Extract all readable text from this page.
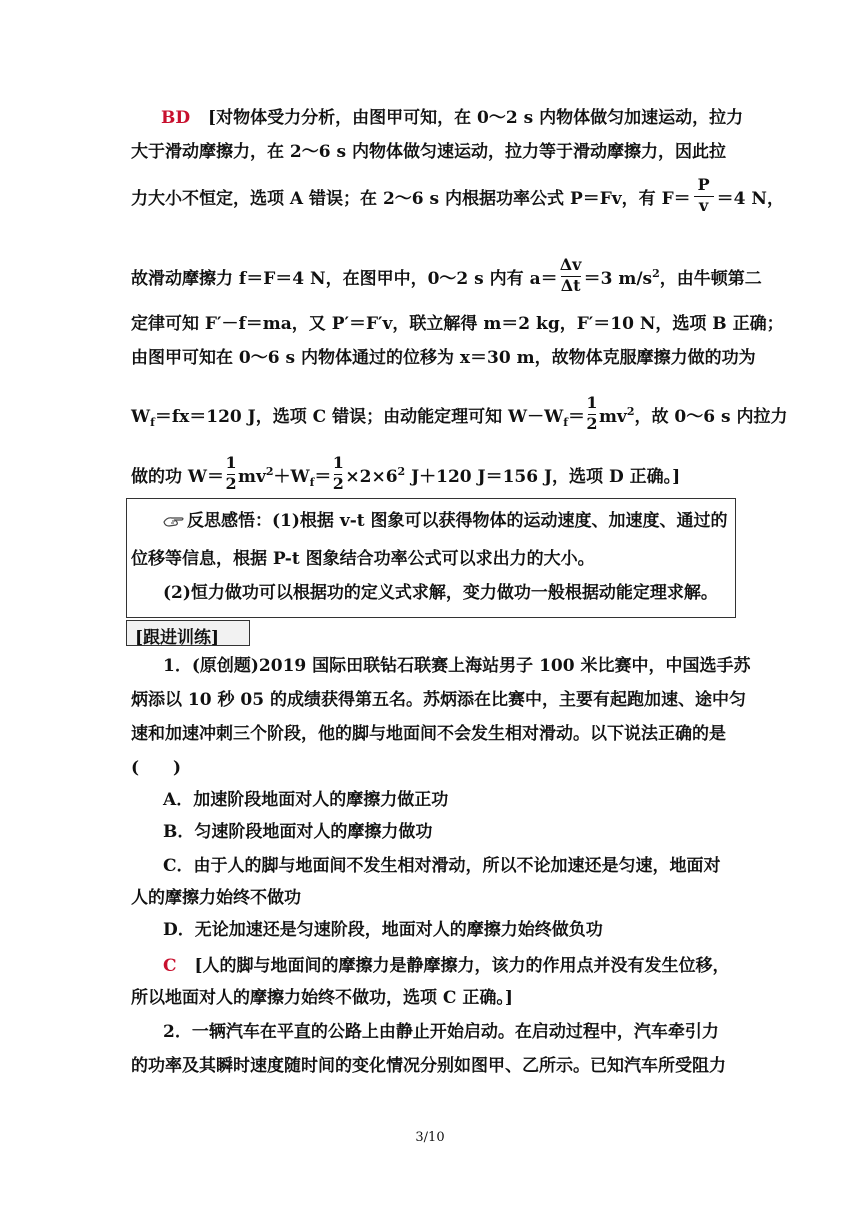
BD [对物体受力分析，由图甲可知，在 0～2 s 内物体做匀加速运动，拉力
大于滑动摩擦力，在 2～6 s 内物体做匀速运动，拉力等于滑动摩擦力，因此拉
力大小不恒定，选项 A 错误；在 2～6 s 内根据功率公式 P＝Fv，有 $F= \frac{P}{v} =4$ N，
故滑动摩擦力 f＝F＝4 N，在图甲中，0～2 s 内有 $a= \frac{\Delta v}{\Delta t} =3$ $m/s^2$，由牛顿第二
定律可知 F′－f＝ma，又 P′＝F′v，联立解得 m＝2 kg，F′＝10 N，选项 B 正确；
由图甲可知在 0～6 s 内物体通过的位移为 x＝30 m，故物体克服摩擦力做的功为
$W_f=fx=120$ J，选项 C 错误；由动能定理可知 $W-W_f= \frac{1}{2} mv^2$，故 0～6 s 内拉力
做的功 $W= \frac{1}{2} mv^2+W_f= \frac{1}{2} \times 2\times 6^2$ J＋120 J＝156 J，选项 D 正确。]
反思感悟：(1)根据 v-t 图象可以获得物体的运动速度、加速度、通过的
位移等信息，根据 P-t 图象结合功率公式可以求出力的大小。
(2)恒力做功可以根据功的定义式求解，变力做功一般根据动能定理求解。
[跟进训练]
1．(原创题)2019 国际田联钻石联赛上海站男子 100 米比赛中，中国选手苏
炳添以 10 秒 05 的成绩获得第五名。苏炳添在比赛中，主要有起跑加速、途中匀
速和加速冲刺三个阶段，他的脚与地面间不会发生相对滑动。以下说法正确的是
(　　)
A．加速阶段地面对人的摩擦力做正功
B．匀速阶段地面对人的摩擦力做功
C．由于人的脚与地面间不发生相对滑动，所以不论加速还是匀速，地面对
人的摩擦力始终不做功
D．无论加速还是匀速阶段，地面对人的摩擦力始终做负功
C [人的脚与地面间的摩擦力是静摩擦力，该力的作用点并没有发生位移，
所以地面对人的摩擦力始终不做功，选项 C 正确。]
2．一辆汽车在平直的公路上由静止开始启动。在启动过程中，汽车牵引力
的功率及其瞬时速度随时间的变化情况分别如图甲、乙所示。已知汽车所受阻力
3/10
